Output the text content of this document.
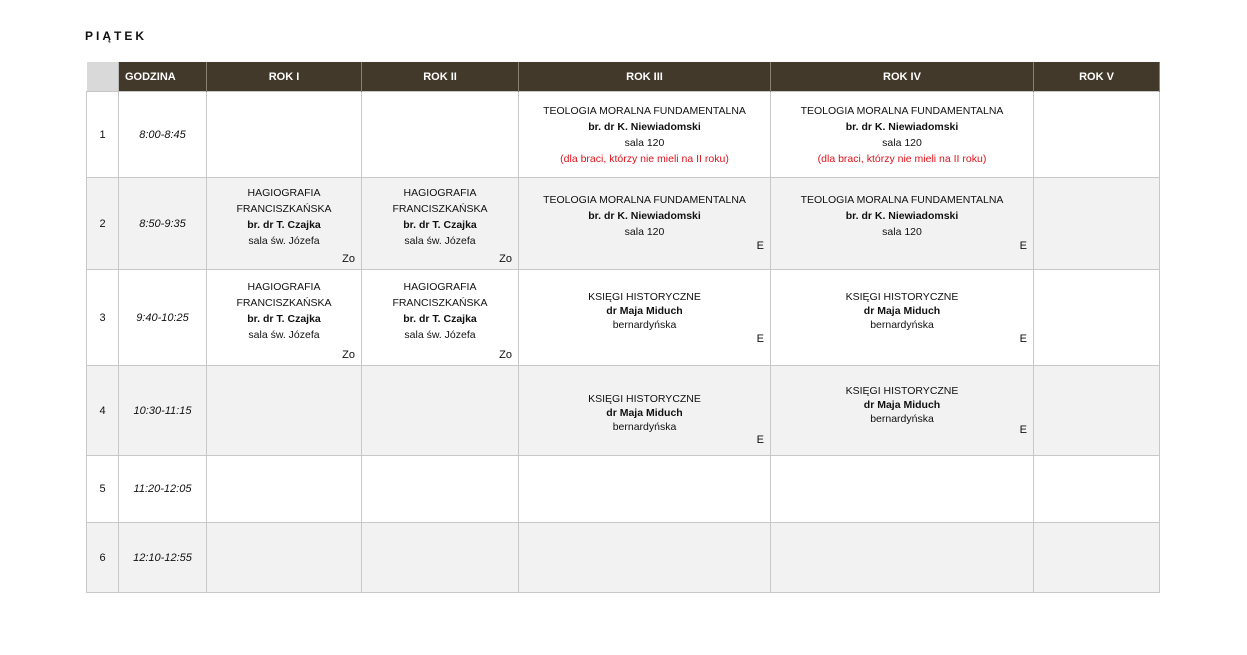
PIĄTEK
	GODZINA	ROK I	ROK II	ROK III	ROK IV	ROK V
1	8:00-8:45			TEOLOGIA MORALNA FUNDAMENTALNA
br. dr K. Niewiadomski
sala 120
(dla braci, którzy nie mieli na II roku)	TEOLOGIA MORALNA FUNDAMENTALNA
br. dr K. Niewiadomski
sala 120
(dla braci, którzy nie mieli na II roku)	

2	8:50-9:35	HAGIOGRAFIA
FRANCISZKAŃSKA
br. dr T. Czajka
sala św. Józefa
Zo	HAGIOGRAFIA
FRANCISZKAŃSKA
br. dr T. Czajka
sala św. Józefa
Zo	TEOLOGIA MORALNA FUNDAMENTALNA
br. dr K. Niewiadomski
sala 120
E	TEOLOGIA MORALNA FUNDAMENTALNA
br. dr K. Niewiadomski
sala 120
E	

3	9:40-10:25	HAGIOGRAFIA
FRANCISZKAŃSKA
br. dr T. Czajka
sala św. Józefa
Zo	HAGIOGRAFIA
FRANCISZKAŃSKA
br. dr T. Czajka
sala św. Józefa
Zo	KSIĘGI HISTORYCZNE
dr Maja Miduch
bernardyńska
E	KSIĘGI HISTORYCZNE
dr Maja Miduch
bernardyńska
E	

4	10:30-11:15			KSIĘGI HISTORYCZNE
dr Maja Miduch
bernardyńska
E	KSIĘGI HISTORYCZNE
dr Maja Miduch
bernardyńska
E	

5	11:20-12:05					
6	12:10-12:55					
